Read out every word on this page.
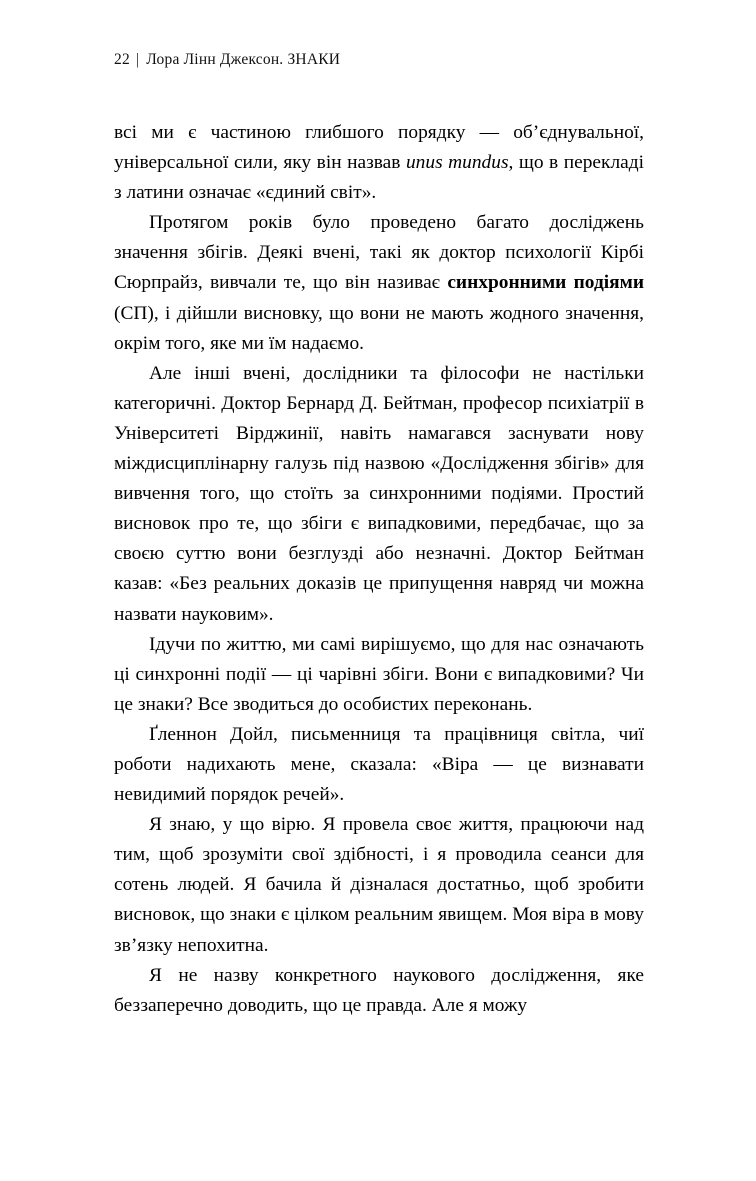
22 | Лора Лінн Джексон. ЗНАКИ

всі ми є частиною глибшого порядку — об’єднувальної, універсальної сили, яку він назвав unus mundus, що в перекладі з латини означає «єдиний світ».

Протягом років було проведено багато досліджень значення збігів. Деякі вчені, такі як доктор психології Кірбі Сюрпрайз, вивчали те, що він називає синхронними подіями (СП), і дійшли висновку, що вони не мають жодного значення, окрім того, яке ми їм надаємо.

Але інші вчені, дослідники та філософи не настільки категоричні. Доктор Бернард Д. Бейтман, професор психіатрії в Університеті Вірджинії, навіть намагався заснувати нову міждисциплінарну галузь під назвою «Дослідження збігів» для вивчення того, що стоїть за синхронними подіями. Простий висновок про те, що збіги є випадковими, передбачає, що за своєю суттю вони безглузді або незначні. Доктор Бейтман казав: «Без реальних доказів це припущення навряд чи можна назвати науковим».

Ідучи по життю, ми самі вирішуємо, що для нас означають ці синхронні події — ці чарівні збіги. Вони є випадковими? Чи це знаки? Все зводиться до особистих переконань.

Ґленнон Дойл, письменниця та працівниця світла, чиї роботи надихають мене, сказала: «Віра — це визнавати невидимий порядок речей».

Я знаю, у що вірю. Я провела своє життя, працюючи над тим, щоб зрозуміти свої здібності, і я проводила сеанси для сотень людей. Я бачила й дізналася достатньо, щоб зробити висновок, що знаки є цілком реальним явищем. Моя віра в мову зв’язку непохитна.

Я не назву конкретного наукового дослідження, яке беззаперечно доводить, що це правда. Але я можу
